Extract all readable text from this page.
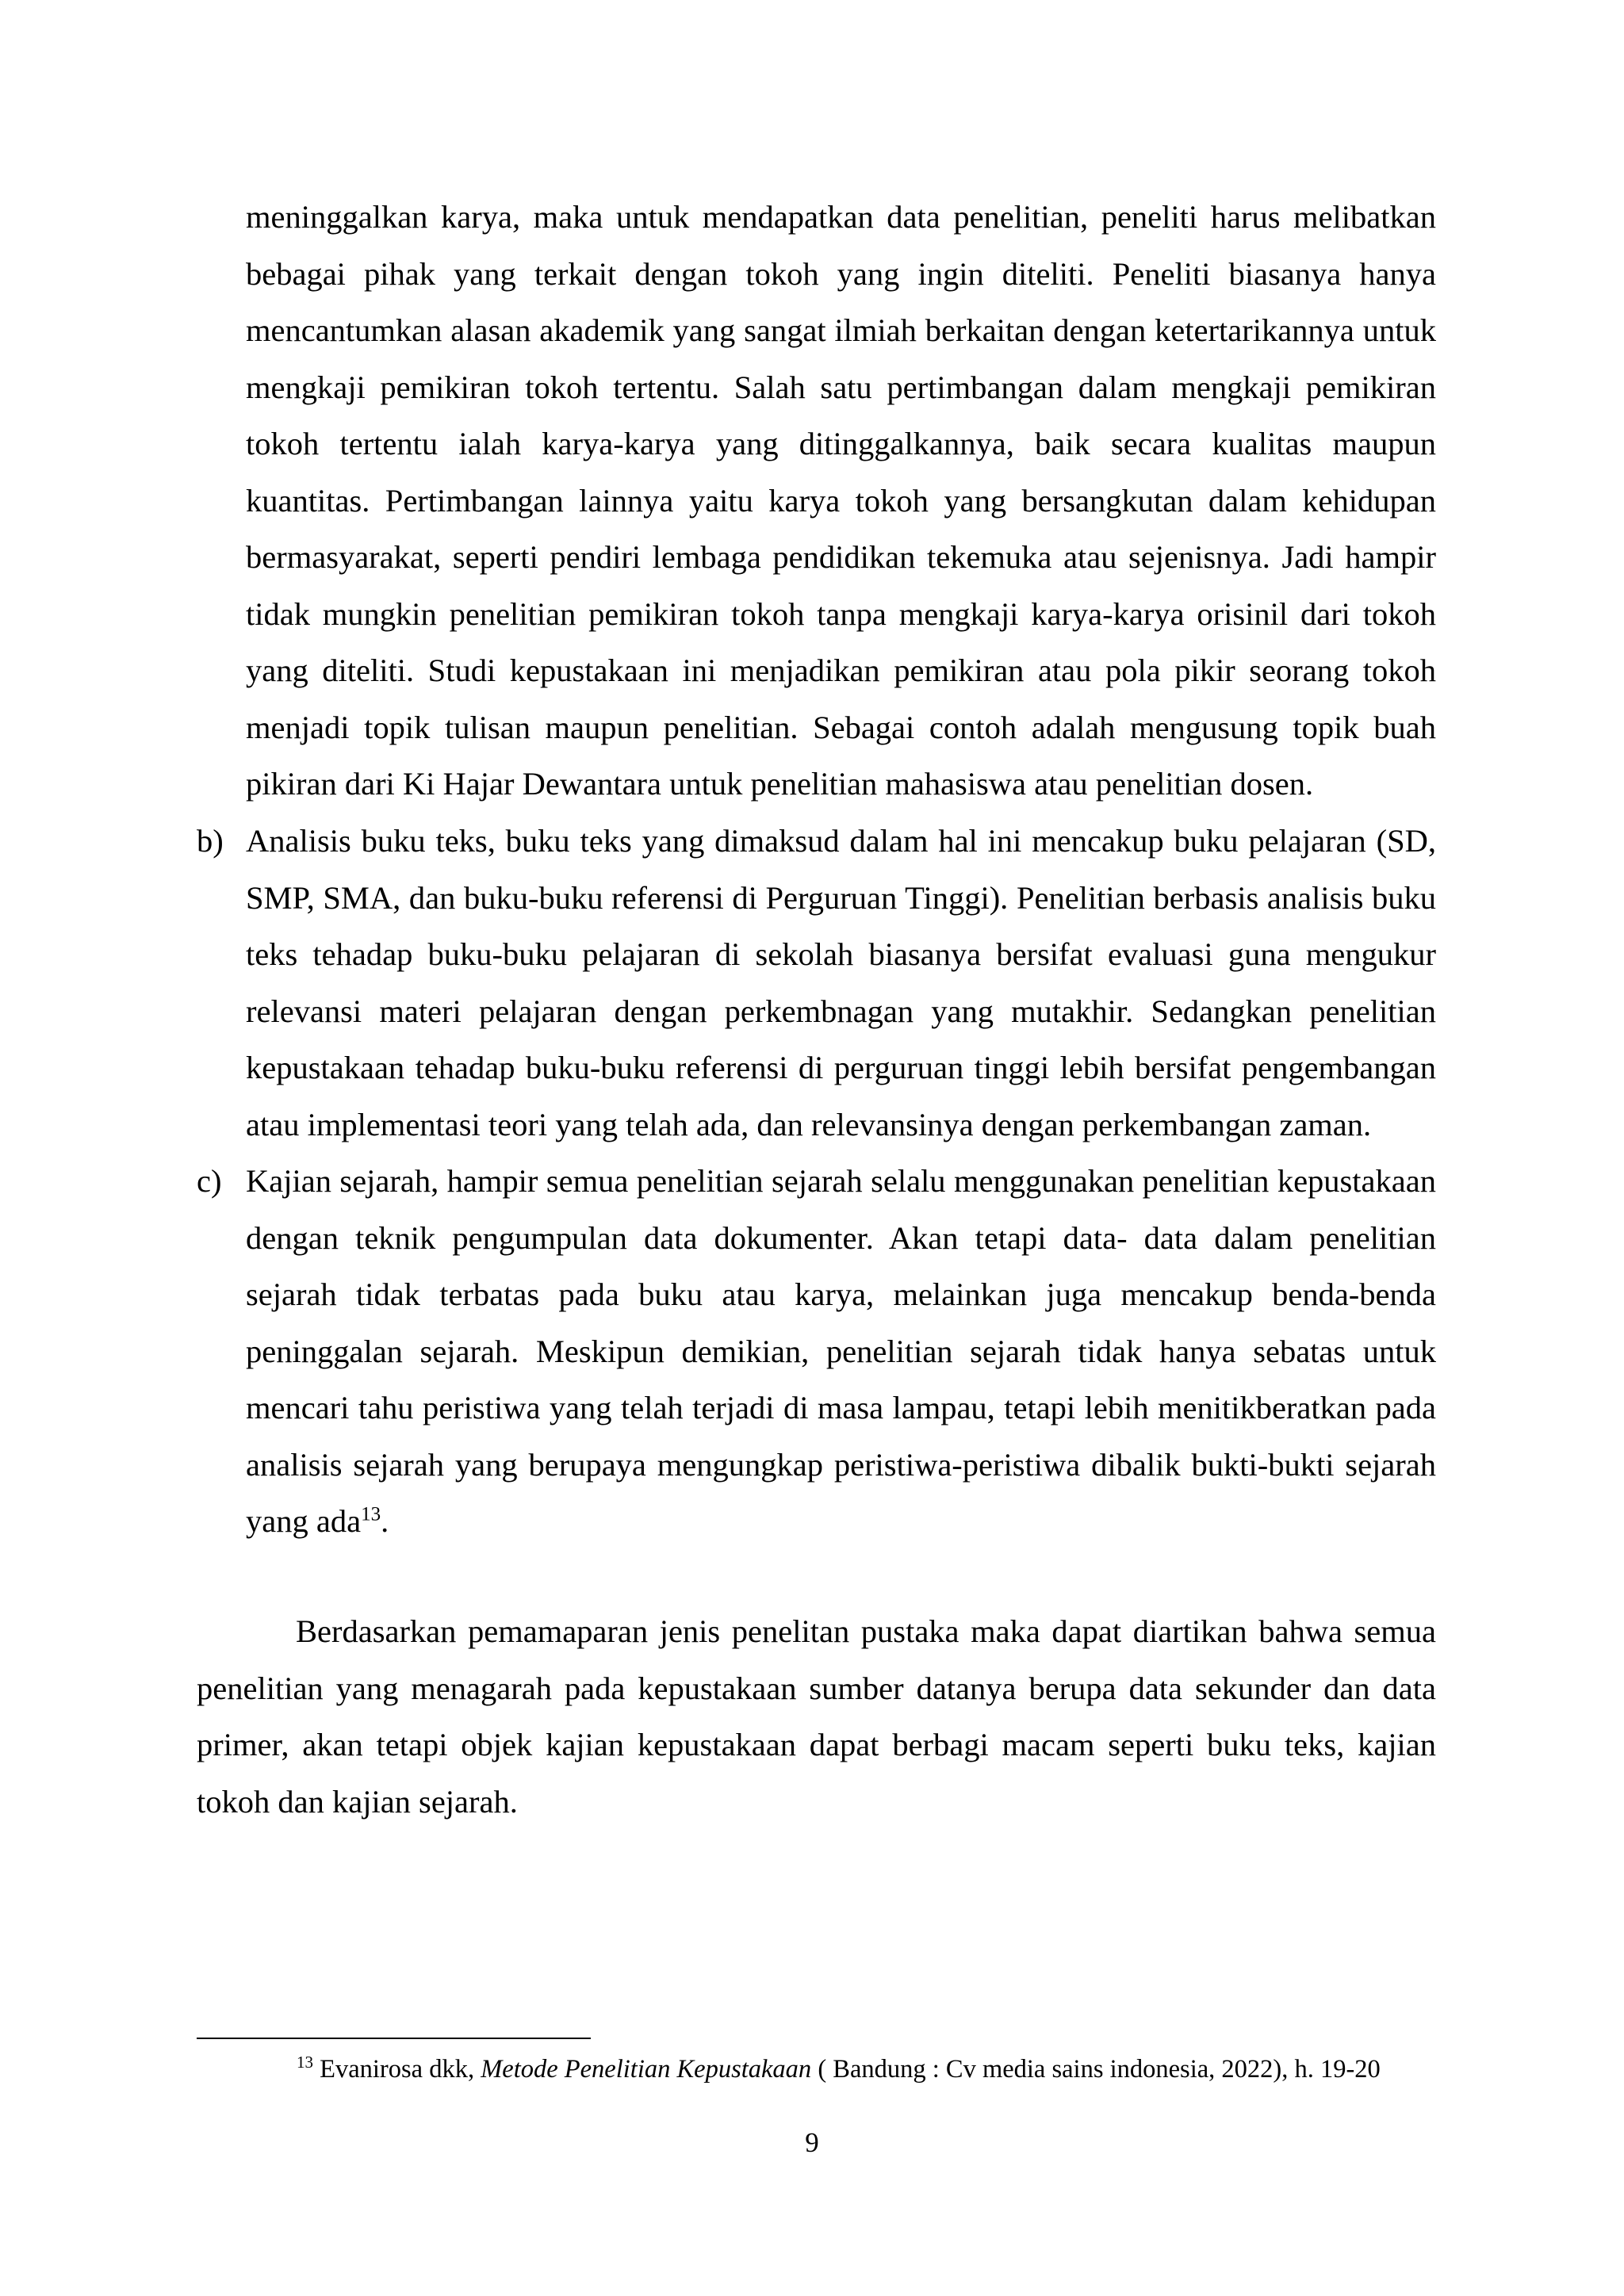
meninggalkan karya, maka untuk mendapatkan data penelitian, peneliti harus melibatkan bebagai pihak yang terkait dengan tokoh yang ingin diteliti. Peneliti biasanya hanya mencantumkan alasan akademik yang sangat ilmiah berkaitan dengan ketertarikannya untuk mengkaji pemikiran tokoh tertentu. Salah satu pertimbangan dalam mengkaji pemikiran tokoh tertentu ialah karya-karya yang ditinggalkannya, baik secara kualitas maupun kuantitas. Pertimbangan lainnya yaitu karya tokoh yang bersangkutan dalam kehidupan bermasyarakat, seperti pendiri lembaga pendidikan tekemuka atau sejenisnya. Jadi hampir tidak mungkin penelitian pemikiran tokoh tanpa mengkaji karya-karya orisinil dari tokoh yang diteliti. Studi kepustakaan ini menjadikan pemikiran atau pola pikir seorang tokoh menjadi topik tulisan maupun penelitian. Sebagai contoh adalah mengusung topik buah pikiran dari Ki Hajar Dewantara untuk penelitian mahasiswa atau penelitian dosen.

b) Analisis buku teks, buku teks yang dimaksud dalam hal ini mencakup buku pelajaran (SD, SMP, SMA, dan buku-buku referensi di Perguruan Tinggi). Penelitian berbasis analisis buku teks tehadap buku-buku pelajaran di sekolah biasanya bersifat evaluasi guna mengukur relevansi materi pelajaran dengan perkembnagan yang mutakhir. Sedangkan penelitian kepustakaan tehadap buku-buku referensi di perguruan tinggi lebih bersifat pengembangan atau implementasi teori yang telah ada, dan relevansinya dengan perkembangan zaman.

c) Kajian sejarah, hampir semua penelitian sejarah selalu menggunakan penelitian kepustakaan dengan teknik pengumpulan data dokumenter. Akan tetapi data- data dalam penelitian sejarah tidak terbatas pada buku atau karya, melainkan juga mencakup benda-benda peninggalan sejarah. Meskipun demikian, penelitian sejarah tidak hanya sebatas untuk mencari tahu peristiwa yang telah terjadi di masa lampau, tetapi lebih menitikberatkan pada analisis sejarah yang berupaya mengungkap peristiwa-peristiwa dibalik bukti-bukti sejarah yang ada$^{13}$.

Berdasarkan pemamaparan jenis penelitan pustaka maka dapat diartikan bahwa semua penelitian yang menagarah pada kepustakaan sumber datanya berupa data sekunder dan data primer, akan tetapi objek kajian kepustakaan dapat berbagi macam seperti buku teks, kajian tokoh dan kajian sejarah.

$^{13}$ Evanirosa dkk, Metode Penelitian Kepustakaan ( Bandung : Cv media sains indonesia, 2022), h. 19-20

9
